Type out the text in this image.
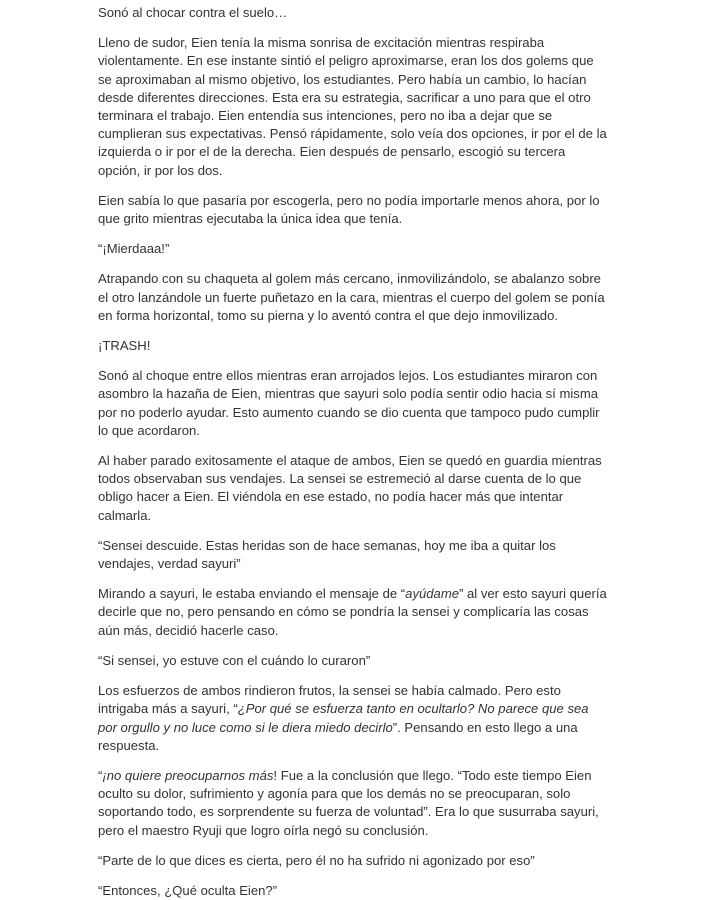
Sonó al chocar contra el suelo…

Lleno de sudor, Eien tenía la misma sonrisa de excitación mientras respiraba violentamente. En ese instante sintió el peligro aproximarse, eran los dos golems que se aproximaban al mismo objetivo, los estudiantes. Pero había un cambio, lo hacían desde diferentes direcciones. Esta era su estrategia, sacrificar a uno para que el otro terminara el trabajo. Eien entendía sus intenciones, pero no iba a dejar que se cumplieran sus expectativas. Pensó rápidamente, solo veía dos opciones, ir por el de la izquierda o ir por el de la derecha. Eien después de pensarlo, escogió su tercera opción, ir por los dos.

Eien sabía lo que pasaría por escogerla, pero no podía importarle menos ahora, por lo que grito mientras ejecutaba la única idea que tenía.

“¡Mierdaaa!”

Atrapando con su chaqueta al golem más cercano, inmovilizándolo, se abalanzo sobre el otro lanzándole un fuerte puñetazo en la cara, mientras el cuerpo del golem se ponía en forma horizontal, tomo su pierna y lo aventó contra el que dejo inmovilizado.

¡TRASH!

Sonó al choque entre ellos mientras eran arrojados lejos. Los estudiantes miraron con asombro la hazaña de Eien, mientras que sayuri solo podía sentir odio hacia sí misma por no poderlo ayudar. Esto aumento cuando se dio cuenta que tampoco pudo cumplir lo que acordaron.

Al haber parado exitosamente el ataque de ambos, Eien se quedó en guardia mientras todos observaban sus vendajes. La sensei se estremeció al darse cuenta de lo que obligo hacer a Eien. El viéndola en ese estado, no podía hacer más que intentar calmarla.

“Sensei descuide. Estas heridas son de hace semanas, hoy me iba a quitar los vendajes, verdad sayuri”

Mirando a sayuri, le estaba enviando el mensaje de “ayúdame” al ver esto sayuri quería decirle que no, pero pensando en cómo se pondría la sensei y complicaría las cosas aún más, decidió hacerle caso.

“Si sensei, yo estuve con el cuándo lo curaron”

Los esfuerzos de ambos rindieron frutos, la sensei se había calmado. Pero esto intrigaba más a sayuri, “¿Por qué se esfuerza tanto en ocultarlo? No parece que sea por orgullo y no luce como si le diera miedo decirlo”. Pensando en esto llego a una respuesta.

“¡no quiere preocuparnos más! Fue a la conclusión que llego. “Todo este tiempo Eien oculto su dolor, sufrimiento y agonía para que los demás no se preocuparan, solo soportando todo, es sorprendente su fuerza de voluntad”. Era lo que susurraba sayuri, pero el maestro Ryuji que logro oírla negó su conclusión.

“Parte de lo que dices es cierta, pero él no ha sufrido ni agonizado por eso”

“Entonces, ¿Qué oculta Eien?”
